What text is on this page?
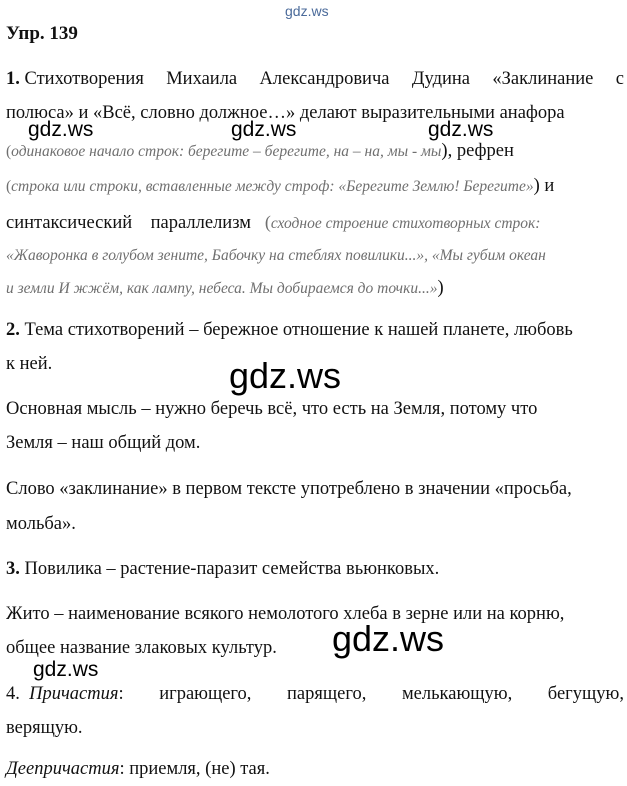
gdz.ws
Упр. 139
1. Стихотворения Михаила Александровича Дудина «Заклинание с
полюса» и «Всё, словно должное…» делают выразительными анафора
gdz.ws	gdz.ws	gdz.ws
(одинаковое начало строк: берегите – берегите, на – на, мы - мы), рефрен
(строка или строки, вставленные между строф: «Берегите Землю! Берегите») и
синтаксический параллелизм (сходное строение стихотворных строк:
«Жаворонка в голубом зените, Бабочку на стеблях повилики...», «Мы губим океан
и земли И жжём, как лампу, небеса. Мы добираемся до точки...»)
2. Тема стихотворений – бережное отношение к нашей планете, любовь
к ней.	gdz.ws
Основная мысль – нужно беречь всё, что есть на Земля, потому что
Земля – наш общий дом.
Слово «заклинание» в первом тексте употреблено в значении «просьба,
мольба».
3. Повилика – растение-паразит семейства вьюнковых.
Жито – наименование всякого немолотого хлеба в зерне или на корню,
общее название злаковых культур.	gdz.ws
gdz.ws
4. Причастия: играющего, парящего, мелькающую, бегущую,
верящую.
Деепричастия: приемля, (не) тая.
